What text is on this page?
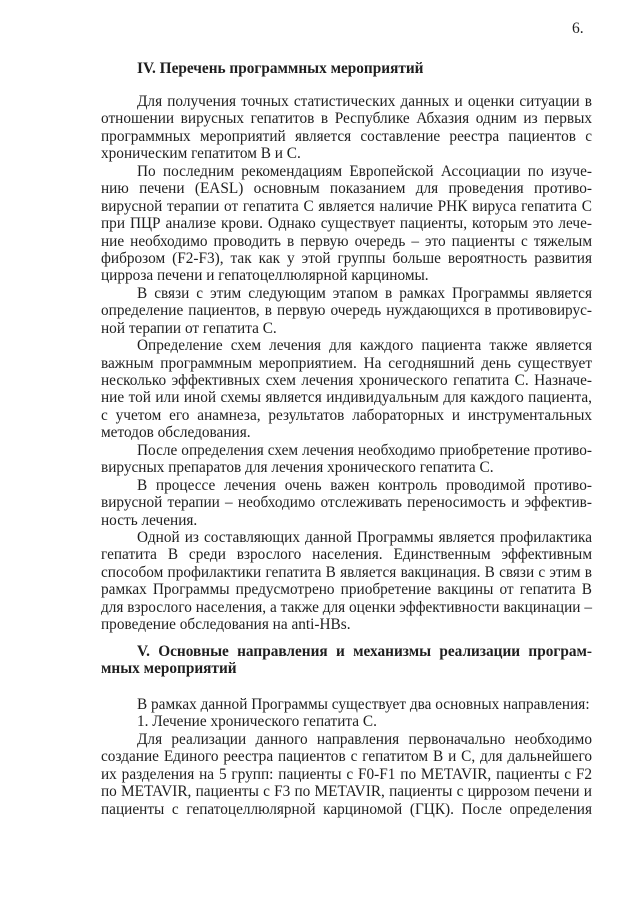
6.
IV. Перечень программных мероприятий
Для получения точных статистических данных и оценки ситуации в
отношении вирусных гепатитов в Республике Абхазия одним из первых
программных мероприятий является составление реестра пациентов с
хроническим гепатитом В и С.
По последним рекомендациям Европейской Ассоциации по изуче-
нию печени (EASL) основным показанием для проведения противо-
вирусной терапии от гепатита С является наличие РНК вируса гепатита С
при ПЦР анализе крови. Однако существует пациенты, которым это лече-
ние необходимо проводить в первую очередь – это пациенты с тяжелым
фиброзом (F2-F3), так как у этой группы больше вероятность развития
цирроза печени и гепатоцеллюлярной карциномы.
В связи с этим следующим этапом в рамках Программы является
определение пациентов, в первую очередь нуждающихся в противовирус-
ной терапии от гепатита С.
Определение схем лечения для каждого пациента также является
важным программным мероприятием. На сегодняшний день существует
несколько эффективных схем лечения хронического гепатита С. Назначе-
ние той или иной схемы является индивидуальным для каждого пациента,
с учетом его анамнеза, результатов лабораторных и инструментальных
методов обследования.
После определения схем лечения необходимо приобретение противо-
вирусных препаратов для лечения хронического гепатита С.
В процессе лечения очень важен контроль проводимой противо-
вирусной терапии – необходимо отслеживать переносимость и эффектив-
ность лечения.
Одной из составляющих данной Программы является профилактика
гепатита В среди взрослого населения. Единственным эффективным
способом профилактики гепатита В является вакцинация. В связи с этим в
рамках Программы предусмотрено приобретение вакцины от гепатита В
для взрослого населения, а также для оценки эффективности вакцинации –
проведение обследования на anti-HBs.
V. Основные направления и механизмы реализации програм-
мных мероприятий
В рамках данной Программы существует два основных направления:
1. Лечение хронического гепатита С.
Для реализации данного направления первоначально необходимо
создание Единого реестра пациентов с гепатитом В и С, для дальнейшего
их разделения на 5 групп: пациенты с F0-F1 по METAVIR, пациенты с F2
по METAVIR, пациенты с F3 по METAVIR, пациенты с циррозом печени и
пациенты с гепатоцеллюлярной карциномой (ГЦК). После определения
